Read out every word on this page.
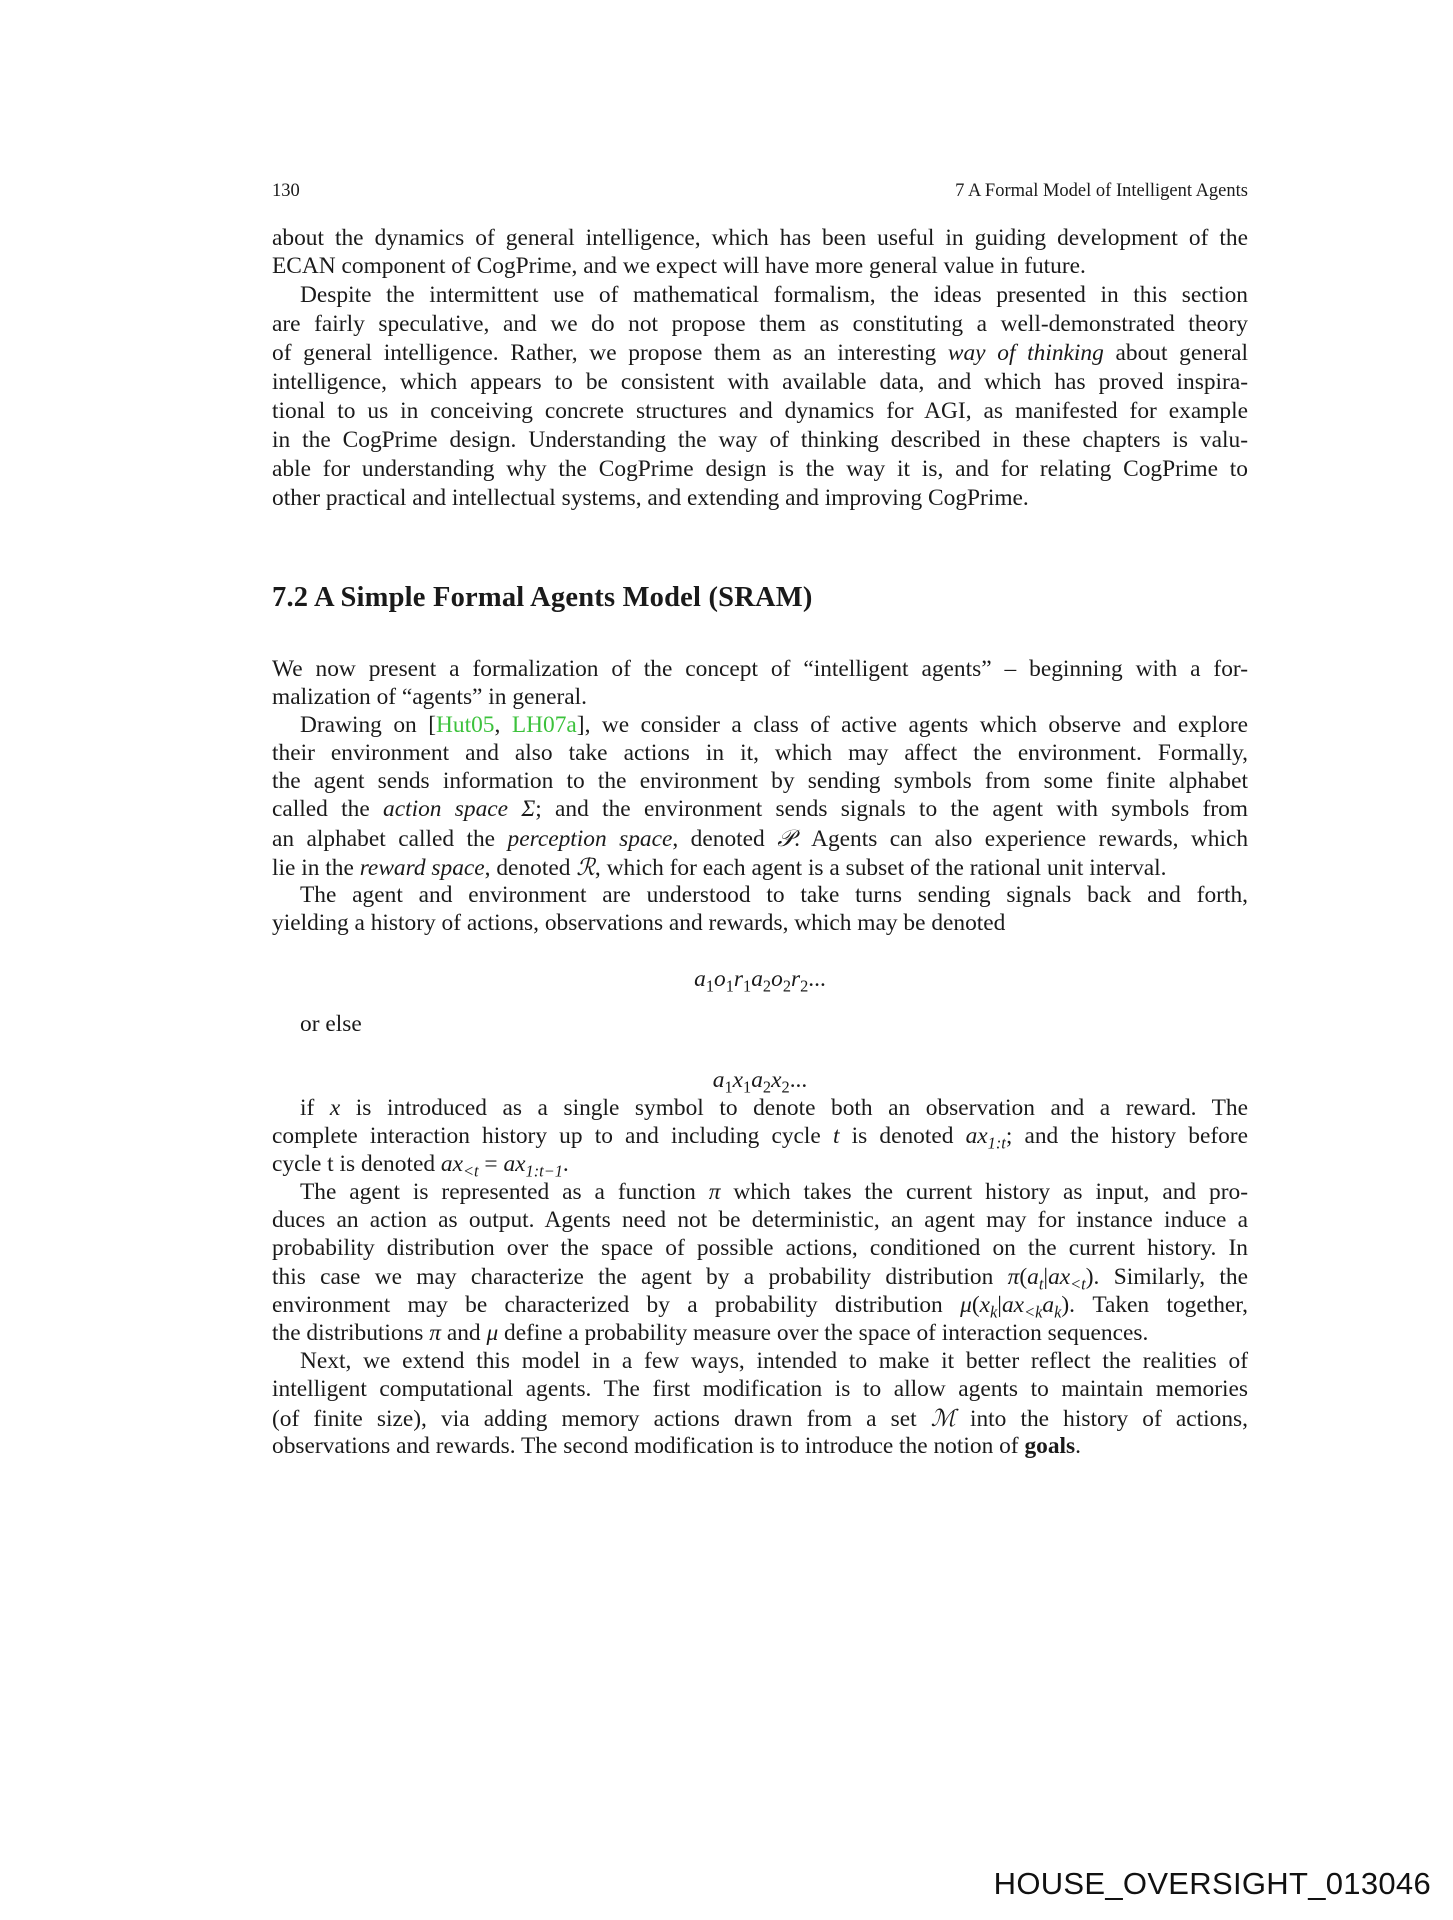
130	7 A Formal Model of Intelligent Agents
about the dynamics of general intelligence, which has been useful in guiding development of the
ECAN component of CogPrime, and we expect will have more general value in future.
Despite the intermittent use of mathematical formalism, the ideas presented in this section
are fairly speculative, and we do not propose them as constituting a well-demonstrated theory
of general intelligence. Rather, we propose them as an interesting way of thinking about general
intelligence, which appears to be consistent with available data, and which has proved inspira-
tional to us in conceiving concrete structures and dynamics for AGI, as manifested for example
in the CogPrime design. Understanding the way of thinking described in these chapters is valu-
able for understanding why the CogPrime design is the way it is, and for relating CogPrime to
other practical and intellectual systems, and extending and improving CogPrime.
7.2 A Simple Formal Agents Model (SRAM)
We now present a formalization of the concept of “intelligent agents” – beginning with a for-
malization of “agents” in general.
Drawing on [Hut05, LH07a], we consider a class of active agents which observe and explore
their environment and also take actions in it, which may affect the environment. Formally,
the agent sends information to the environment by sending symbols from some finite alphabet
called the action space Σ; and the environment sends signals to the agent with symbols from
an alphabet called the perception space, denoted 𝒫. Agents can also experience rewards, which
lie in the reward space, denoted ℛ, which for each agent is a subset of the rational unit interval.
The agent and environment are understood to take turns sending signals back and forth,
yielding a history of actions, observations and rewards, which may be denoted
$a_1o_1r_1a_2o_2r_2$...
or else
$a_1x_1a_2x_2$...
if x is introduced as a single symbol to denote both an observation and a reward. The
complete interaction history up to and including cycle t is denoted $ax_{1:t}$; and the history before
cycle t is denoted $ax_{<t} = ax_{1:t-1}$.
The agent is represented as a function π which takes the current history as input, and pro-
duces an action as output. Agents need not be deterministic, an agent may for instance induce a
probability distribution over the space of possible actions, conditioned on the current history. In
this case we may characterize the agent by a probability distribution $\pi(a_t|ax_{<t})$. Similarly, the
environment may be characterized by a probability distribution $\mu(x_k|ax_{<k}a_k)$. Taken together,
the distributions π and μ define a probability measure over the space of interaction sequences.
Next, we extend this model in a few ways, intended to make it better reflect the realities of
intelligent computational agents. The first modification is to allow agents to maintain memories
(of finite size), via adding memory actions drawn from a set ℳ into the history of actions,
observations and rewards. The second modification is to introduce the notion of goals.
HOUSE_OVERSIGHT_013046
